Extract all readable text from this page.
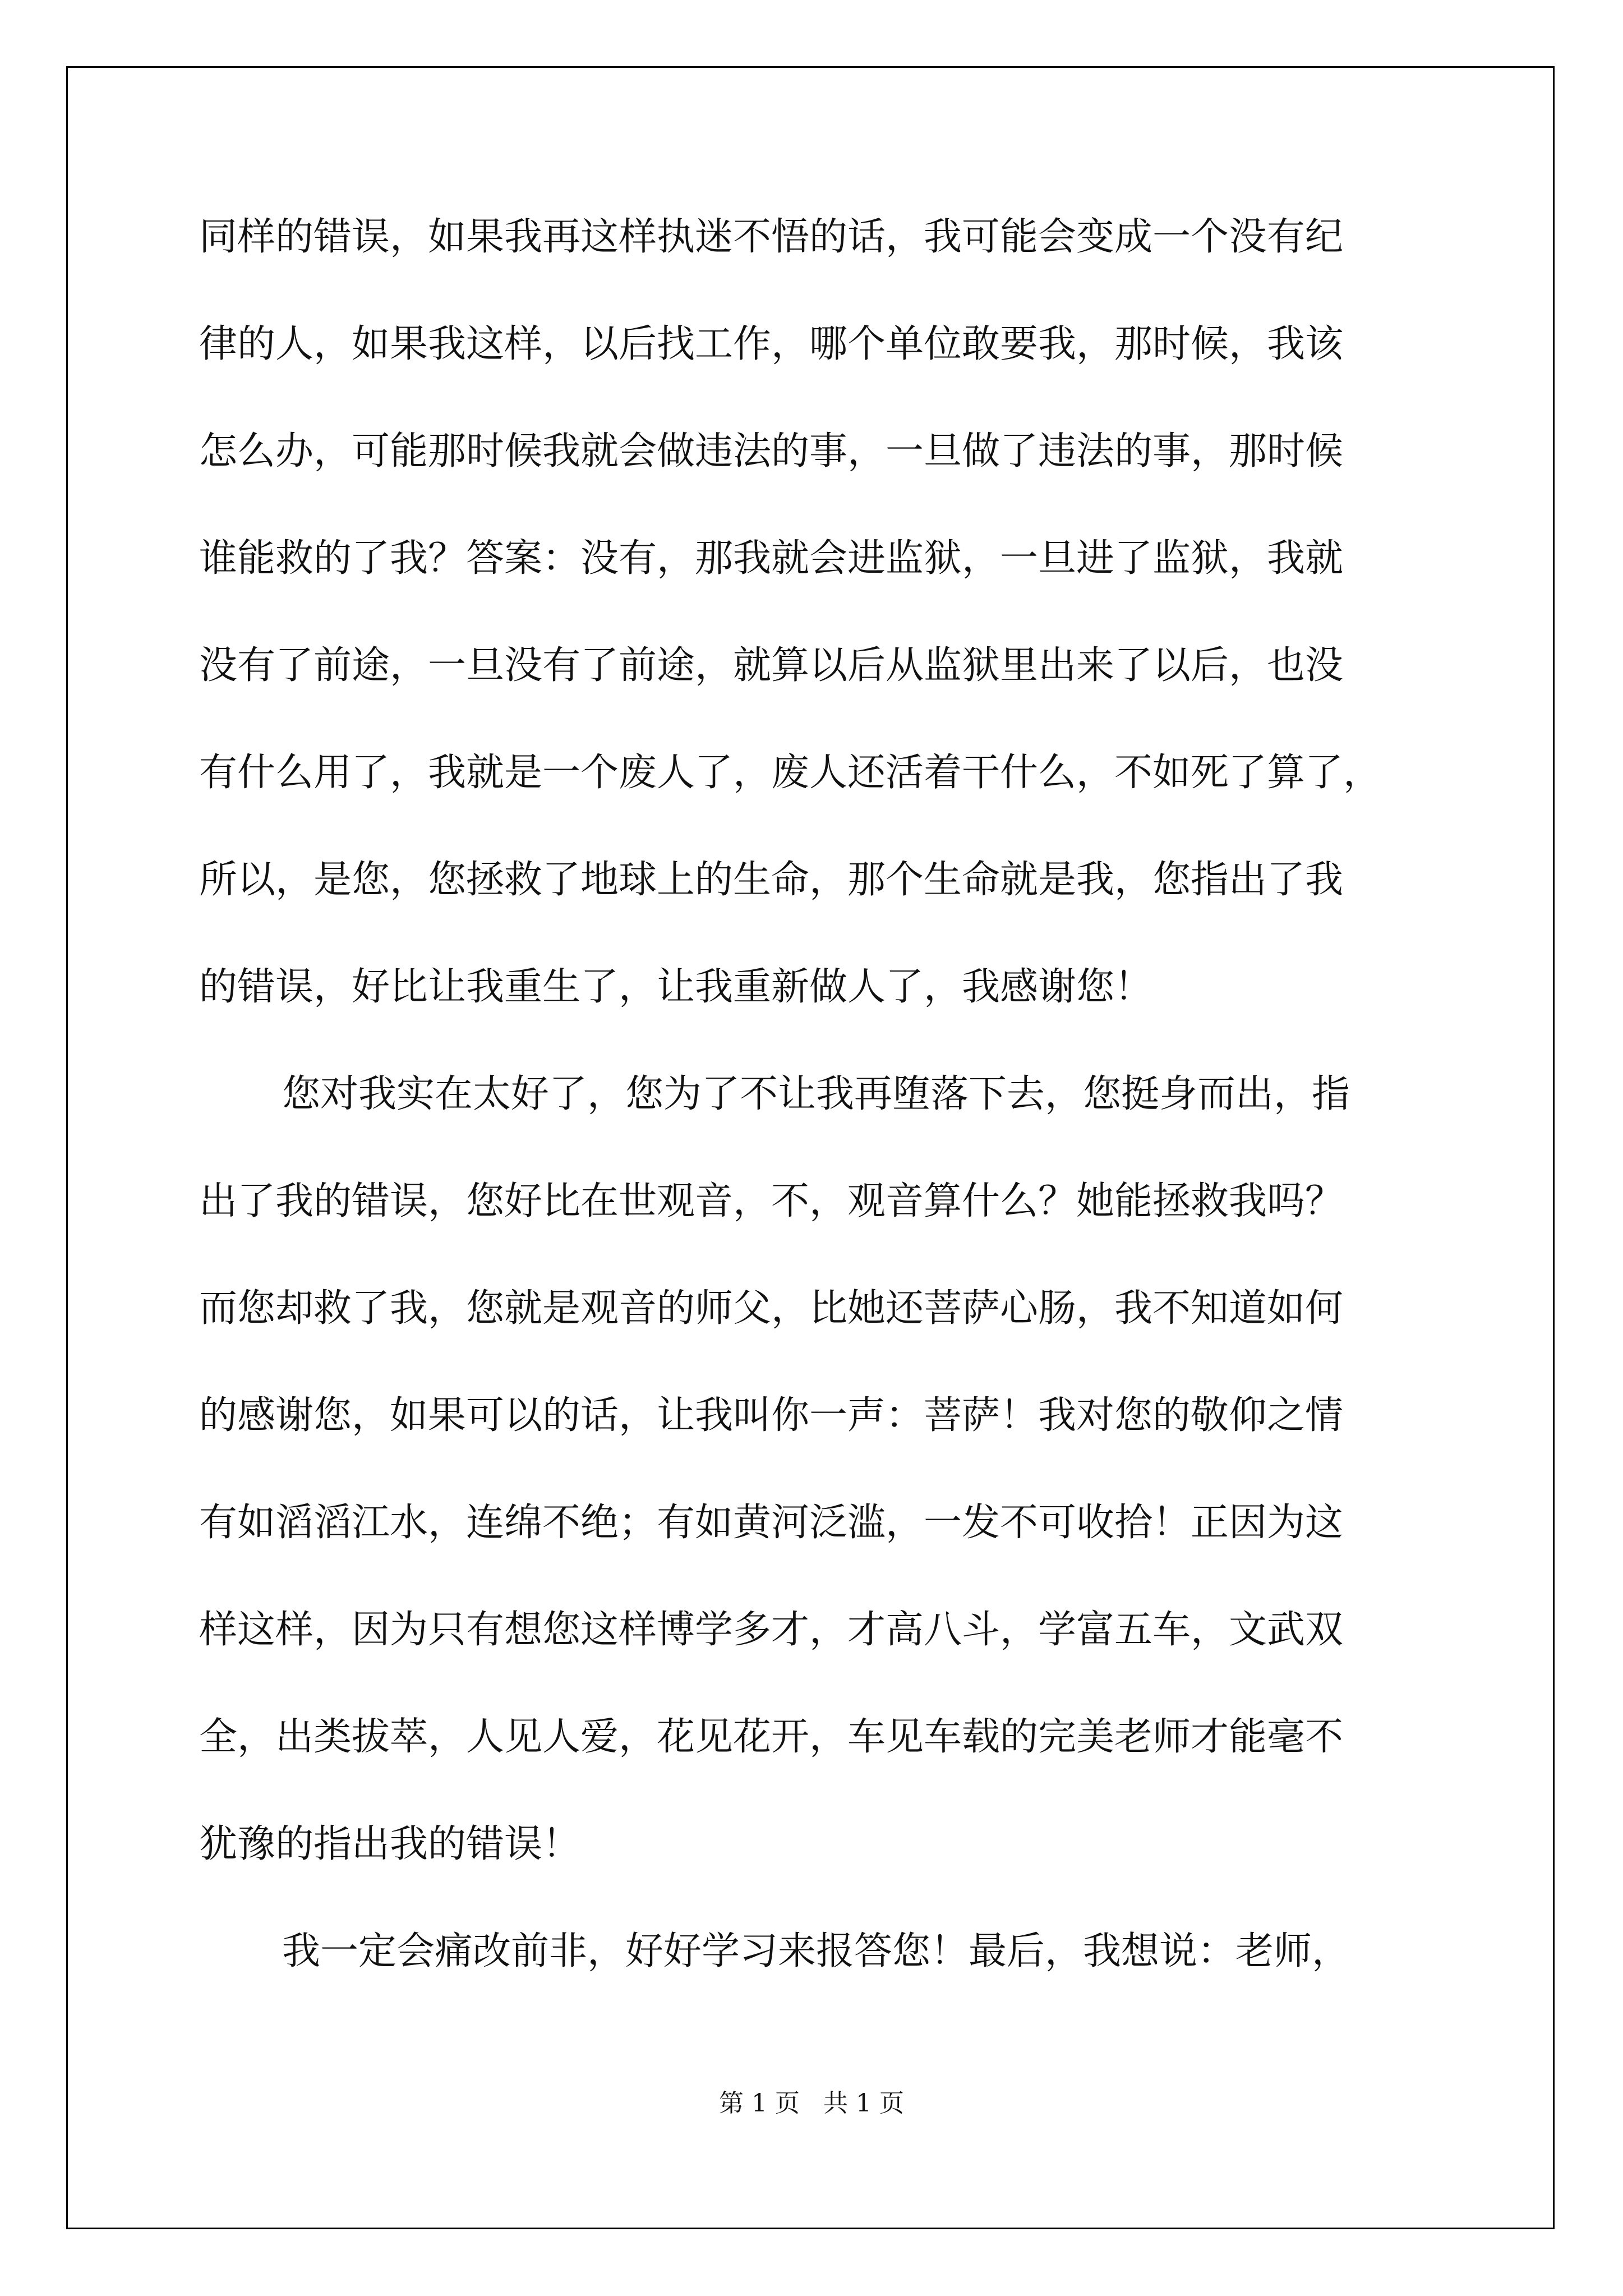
同样的错误，如果我再这样执迷不悟的话，我可能会变成一个没有纪
律的人，如果我这样，以后找工作，哪个单位敢要我，那时候，我该
怎么办，可能那时候我就会做违法的事，一旦做了违法的事，那时候
谁能救的了我？答案：没有，那我就会进监狱，一旦进了监狱，我就
没有了前途，一旦没有了前途，就算以后从监狱里出来了以后，也没
有什么用了，我就是一个废人了，废人还活着干什么，不如死了算了，
所以，是您，您拯救了地球上的生命，那个生命就是我，您指出了我
的错误，好比让我重生了，让我重新做人了，我感谢您！
您对我实在太好了，您为了不让我再堕落下去，您挺身而出，指
出了我的错误，您好比在世观音，不，观音算什么？她能拯救我吗？
而您却救了我，您就是观音的师父，比她还菩萨心肠，我不知道如何
的感谢您，如果可以的话，让我叫你一声：菩萨！我对您的敬仰之情
有如滔滔江水，连绵不绝；有如黄河泛滥，一发不可收拾！正因为这
样这样，因为只有想您这样博学多才，才高八斗，学富五车，文武双
全，出类拔萃，人见人爱，花见花开，车见车载的完美老师才能毫不
犹豫的指出我的错误！
我一定会痛改前非，好好学习来报答您！最后，我想说：老师，
第 1 页   共 1 页
